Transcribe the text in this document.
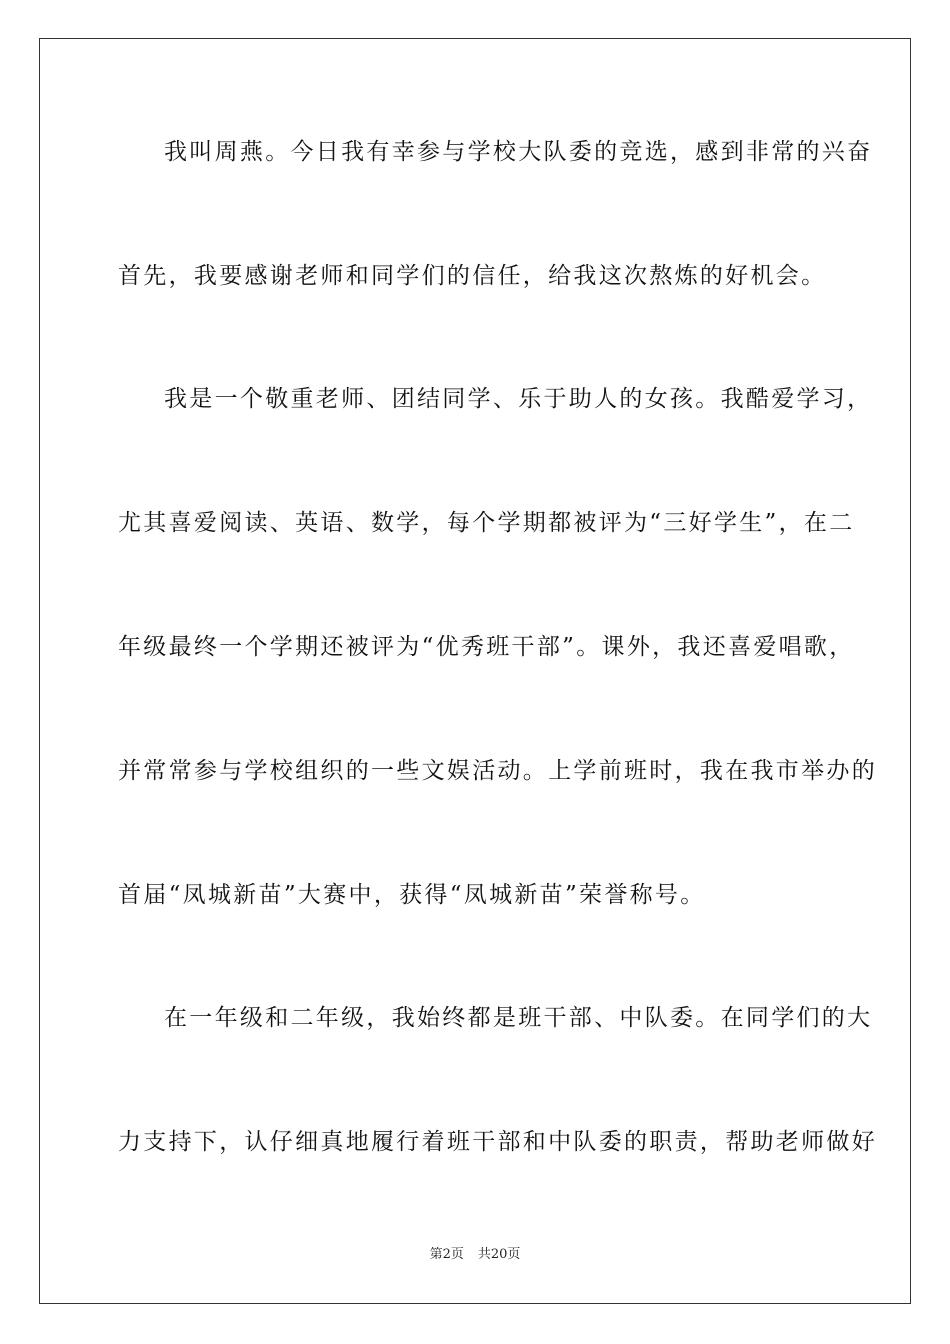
我叫周燕。今日我有幸参与学校大队委的竞选，感到非常的兴奋
首先，我要感谢老师和同学们的信任，给我这次熬炼的好机会。
我是一个敬重老师、团结同学、乐于助人的女孩。我酷爱学习，
尤其喜爱阅读、英语、数学，每个学期都被评为“三好学生”，在二
年级最终一个学期还被评为“优秀班干部”。课外，我还喜爱唱歌，
并常常参与学校组织的一些文娱活动。上学前班时，我在我市举办的
首届“凤城新苗”大赛中，获得“凤城新苗”荣誉称号。
在一年级和二年级，我始终都是班干部、中队委。在同学们的大
力支持下，认仔细真地履行着班干部和中队委的职责，帮助老师做好
第2页 共20页
